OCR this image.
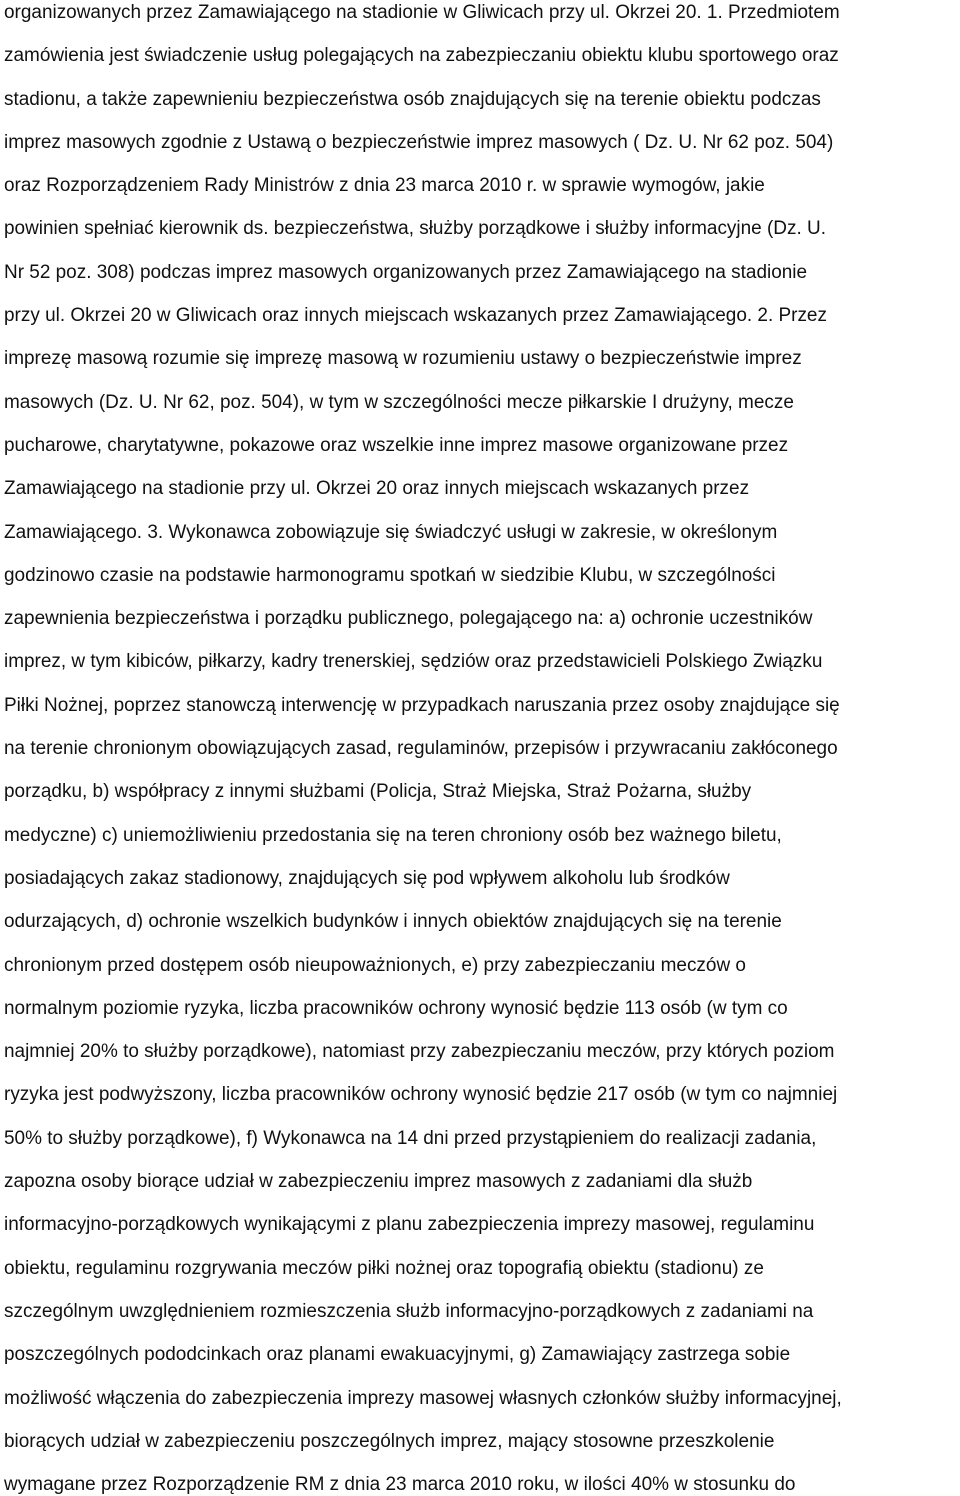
organizowanych przez Zamawiającego na stadionie w Gliwicach przy ul. Okrzei 20. 1. Przedmiotem
zamówienia jest świadczenie usług polegających na zabezpieczaniu obiektu klubu sportowego oraz
stadionu, a także zapewnieniu bezpieczeństwa osób znajdujących się na terenie obiektu podczas
imprez masowych zgodnie z Ustawą o bezpieczeństwie imprez masowych ( Dz. U. Nr 62 poz. 504)
oraz Rozporządzeniem Rady Ministrów z dnia 23 marca 2010 r. w sprawie wymogów, jakie
powinien spełniać kierownik ds. bezpieczeństwa, służby porządkowe i służby informacyjne (Dz. U.
Nr 52 poz. 308) podczas imprez masowych organizowanych przez Zamawiającego na stadionie
przy ul. Okrzei 20 w Gliwicach oraz innych miejscach wskazanych przez Zamawiającego. 2. Przez
imprezę masową rozumie się imprezę masową w rozumieniu ustawy o bezpieczeństwie imprez
masowych (Dz. U. Nr 62, poz. 504), w tym w szczególności mecze piłkarskie I drużyny, mecze
pucharowe, charytatywne, pokazowe oraz wszelkie inne imprez masowe organizowane przez
Zamawiającego na stadionie przy ul. Okrzei 20 oraz innych miejscach wskazanych przez
Zamawiającego. 3. Wykonawca zobowiązuje się świadczyć usługi w zakresie, w określonym
godzinowo czasie na podstawie harmonogramu spotkań w siedzibie Klubu, w szczególności
zapewnienia bezpieczeństwa i porządku publicznego, polegającego na: a) ochronie uczestników
imprez, w tym kibiców, piłkarzy, kadry trenerskiej, sędziów oraz przedstawicieli Polskiego Związku
Piłki Nożnej, poprzez stanowczą interwencję w przypadkach naruszania przez osoby znajdujące się
na terenie chronionym obowiązujących zasad, regulaminów, przepisów i przywracaniu zakłóconego
porządku, b) współpracy z innymi służbami (Policja, Straż Miejska, Straż Pożarna, służby
medyczne) c) uniemożliwieniu przedostania się na teren chroniony osób bez ważnego biletu,
posiadających zakaz stadionowy, znajdujących się pod wpływem alkoholu lub środków
odurzających, d) ochronie wszelkich budynków i innych obiektów znajdujących się na terenie
chronionym przed dostępem osób nieupoważnionych, e) przy zabezpieczaniu meczów o
normalnym poziomie ryzyka, liczba pracowników ochrony wynosić będzie 113 osób (w tym co
najmniej 20% to służby porządkowe), natomiast przy zabezpieczaniu meczów, przy których poziom
ryzyka jest podwyższony, liczba pracowników ochrony wynosić będzie 217 osób (w tym co najmniej
50% to służby porządkowe), f) Wykonawca na 14 dni przed przystąpieniem do realizacji zadania,
zapozna osoby biorące udział w zabezpieczeniu imprez masowych z zadaniami dla służb
informacyjno-porządkowych wynikającymi z planu zabezpieczenia imprezy masowej, regulaminu
obiektu, regulaminu rozgrywania meczów piłki nożnej oraz topografią obiektu (stadionu) ze
szczególnym uwzględnieniem rozmieszczenia służb informacyjno-porządkowych z zadaniami na
poszczególnych pododcinkach oraz planami ewakuacyjnymi, g) Zamawiający zastrzega sobie
możliwość włączenia do zabezpieczenia imprezy masowej własnych członków służby informacyjnej,
biorących udział w zabezpieczeniu poszczególnych imprez, mający stosowne przeszkolenie
wymagane przez Rozporządzenie RM z dnia 23 marca 2010 roku, w ilości 40% w stosunku do
